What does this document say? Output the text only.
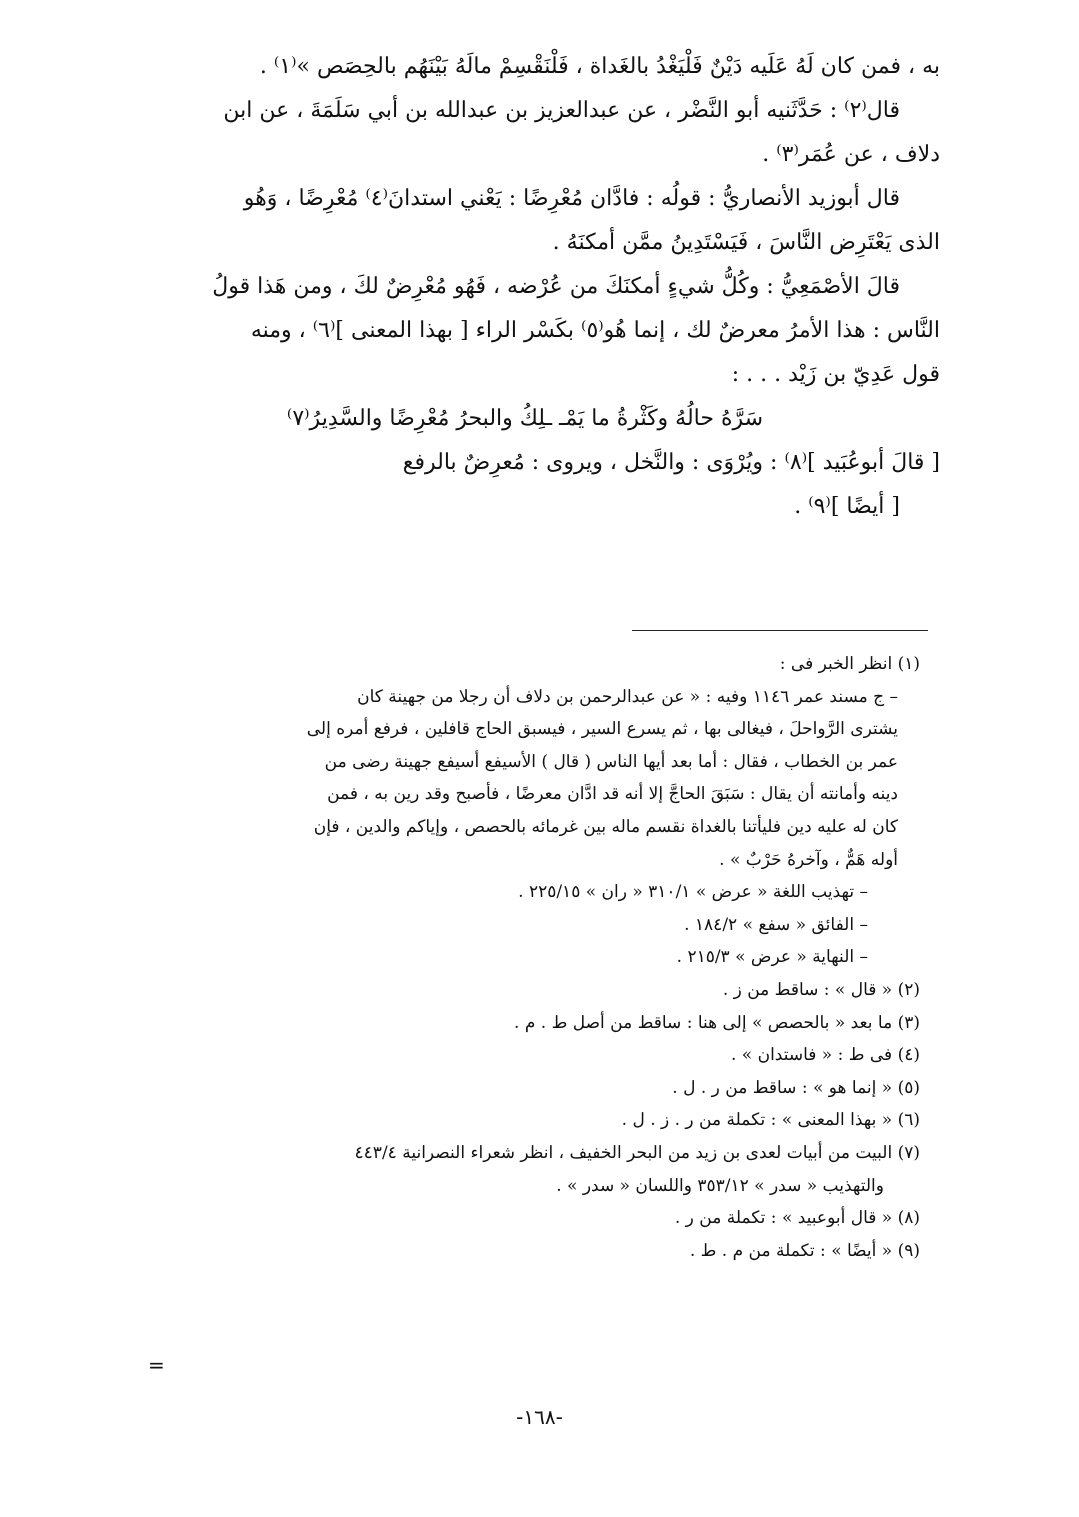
به ، فمن كان لَهُ عَلَيه دَيْنٌ فَلْيَغْدُ بالغَداة ، فَلْنَقْسِمْ مالَهُ بَيْنَهُم بالحِصَص »⁽١⁾ .

قال⁽٢⁾ : حَدَّثَنيه أبو النَّضْر ، عن عبدالعزيز بن عبدالله بن أبي سَلَمَةَ ، عن ابن

دلاف ، عن عُمَر⁽٣⁾ .

قال أبوزيد الأنصاريُّ : قولُه : فادَّان مُعْرِضًا : يَعْني استدانَ⁽٤⁾ مُعْرِضًا ، وَهُو

الذى يَعْتَرِض النَّاسَ ، فَيَسْتَدِينُ ممَّن أمكنَهُ .

قالَ الأصْمَعِيُّ : وكُلُّ شيءٍ أمكنَكَ من عُرْضه ، فَهُو مُعْرِضٌ لكَ ، ومن هَذا قولُ

النَّاس : هذا الأمرُ معرضٌ لك ، إنما هُو⁽٥⁾ بكَسْر الراء [ بهذا المعنى ]⁽٦⁾ ، ومنه

قول عَدِيّ بن زَيْد . . . :

سَرَّهُ حالُهُ وكَثْرةُ ما يَمْـ ـلِكُ والبحرُ مُعْرِضًا والسَّدِيرُ⁽٧⁾

[ قالَ أبوعُبَيد ]⁽٨⁾ : ويُرْوَى : والنَّخل ، ويروى : مُعرِضٌ بالرفع

[ أيضًا ]⁽٩⁾ .

(١) انظر الخبر فى :

– ج مسند عمر ١١٤٦ وفيه : « عن عبدالرحمن بن دلاف أن رجلا من جهينة كان

يشترى الرَّواحلَ ، فيغالى بها ، ثم يسرع السير ، فيسبق الحاج قافلين ، فرفع أمره إلى

عمر بن الخطاب ، فقال : أما بعد أيها الناس ( قال ) الأسيفع أسيفع جهينة رضى من

دينه وأمانته أن يقال : سَبَقَ الحاجَّ إلا أنه قد ادَّان معرضًا ، فأصبح وقد رين به ، فمن

كان له عليه دين فليأتنا بالغداة نقسم ماله بين غرمائه بالحصص ، وإياكم والدين ، فإن

أوله هَمٌّ ، وآخرهُ حَرْبٌ » .

– تهذيب اللغة « عرض » ٣١٠/١ « ران » ٢٢٥/١٥ .

– الفائق « سفع » ١٨٤/٢ .

– النهاية « عرض » ٢١٥/٣ .

(٢) « قال » : ساقط من ز .

(٣) ما بعد « بالحصص » إلى هنا : ساقط من أصل ط . م .

(٤) فى ط : « فاستدان » .

(٥) « إنما هو » : ساقط من ر . ل .

(٦) « بهذا المعنى » : تكملة من ر . ز . ل .

(٧) البيت من أبيات لعدى بن زيد من البحر الخفيف ، انظر شعراء النصرانية ٤٤٣/٤

والتهذيب « سدر » ٣٥٣/١٢ واللسان « سدر » .

(٨) « قال أبوعبيد » : تكملة من ر .

(٩) « أيضًا » : تكملة من م . ط .

=
-١٦٨-
